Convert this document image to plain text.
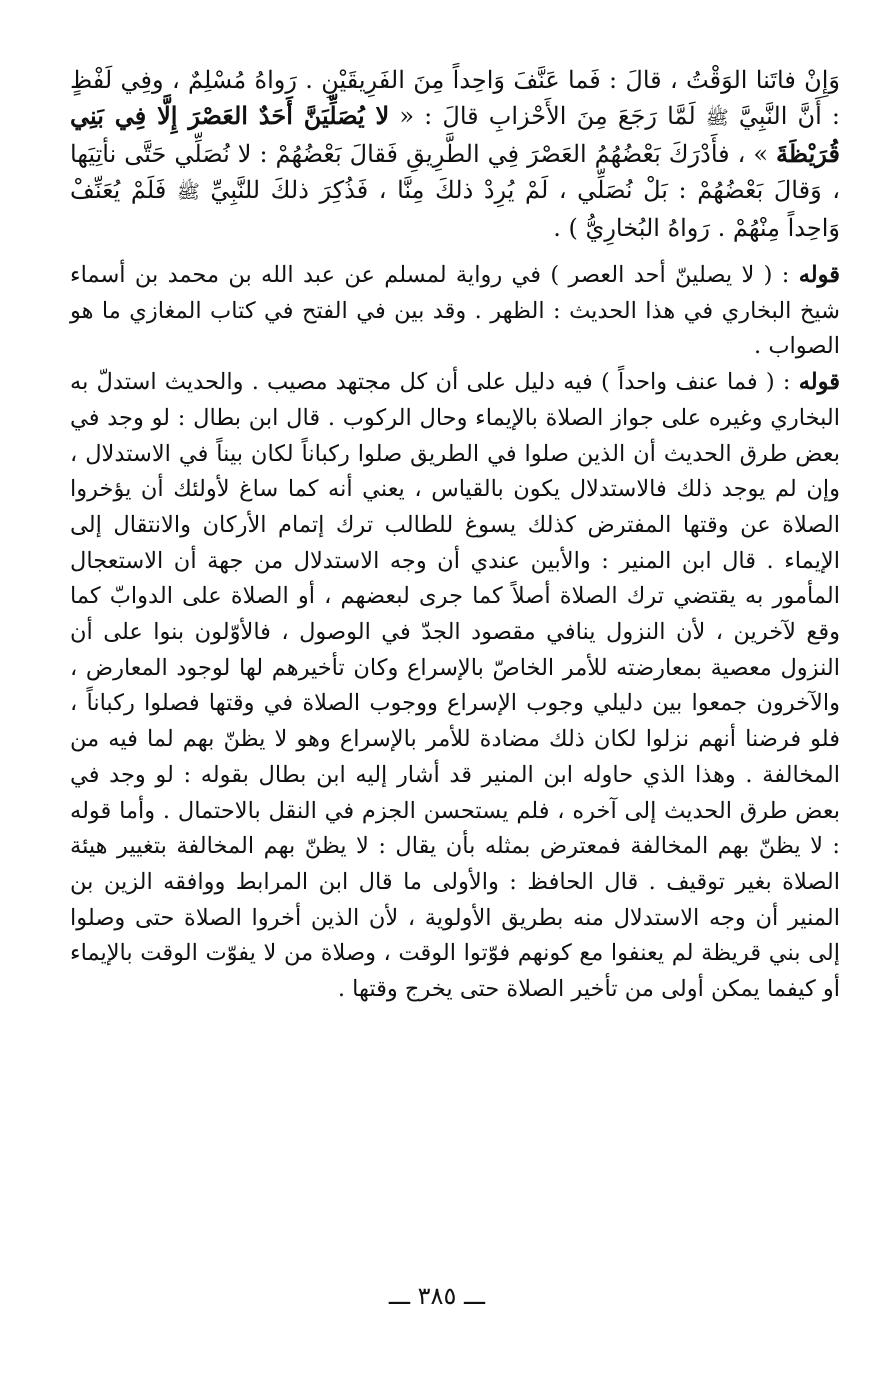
وَإِنْ فاتَنا الوَقْتُ ، قالَ : فَما عَنَّفَ وَاحِداً مِنَ الفَرِيقَيْنِ . رَواهُ مُسْلِمٌ ، وفِي لَفْظٍ : أَنَّ النَّبِيَّ ﷺ لَمَّا رَجَعَ مِنَ الأَحْزابِ قالَ : « لا يُصَلِّيَنَّ أَحَدٌ العَصْرَ إِلَّا فِي بَنِي قُرَيْظَةَ » ، فأَدْرَكَ بَعْضُهُمُ العَصْرَ فِي الطَّرِيقِ فَقالَ بَعْضُهُمْ : لا نُصَلِّي حَتَّى نأتِيَها ، وَقالَ بَعْضُهُمْ : بَلْ نُصَلِّي ، لَمْ يُرِدْ ذلكَ مِنَّا ، فَذُكِرَ ذلكَ للنَّبِيِّ ﷺ فَلَمْ يُعَنِّفْ وَاحِداً مِنْهُمْ . رَواهُ البُخارِيُّ ) .

قوله : ( لا يصلينّ أحد العصر ) في رواية لمسلم عن عبد الله بن محمد بن أسماء شيخ البخاري في هذا الحديث : الظهر . وقد بين في الفتح في كتاب المغازي ما هو الصواب .

قوله : ( فما عنف واحداً ) فيه دليل على أن كل مجتهد مصيب . والحديث استدلّ به البخاري وغيره على جواز الصلاة بالإيماء وحال الركوب . قال ابن بطال : لو وجد في بعض طرق الحديث أن الذين صلوا في الطريق صلوا ركباناً لكان بيناً في الاستدلال ، وإن لم يوجد ذلك فالاستدلال يكون بالقياس ، يعني أنه كما ساغ لأولئك أن يؤخروا الصلاة عن وقتها المفترض كذلك يسوغ للطالب ترك إتمام الأركان والانتقال إلى الإيماء . قال ابن المنير : والأبين عندي أن وجه الاستدلال من جهة أن الاستعجال المأمور به يقتضي ترك الصلاة أصلاً كما جرى لبعضهم ، أو الصلاة على الدوابّ كما وقع لآخرين ، لأن النزول ينافي مقصود الجدّ في الوصول ، فالأوّلون بنوا على أن النزول معصية بمعارضته للأمر الخاصّ بالإسراع وكان تأخيرهم لها لوجود المعارض ، والآخرون جمعوا بين دليلي وجوب الإسراع ووجوب الصلاة في وقتها فصلوا ركباناً ، فلو فرضنا أنهم نزلوا لكان ذلك مضادة للأمر بالإسراع وهو لا يظنّ بهم لما فيه من المخالفة . وهذا الذي حاوله ابن المنير قد أشار إليه ابن بطال بقوله : لو وجد في بعض طرق الحديث إلى آخره ، فلم يستحسن الجزم في النقل بالاحتمال . وأما قوله : لا يظنّ بهم المخالفة فمعترض بمثله بأن يقال : لا يظنّ بهم المخالفة بتغيير هيئة الصلاة بغير توقيف . قال الحافظ : والأولى ما قال ابن المرابط ووافقه الزين بن المنير أن وجه الاستدلال منه بطريق الأولوية ، لأن الذين أخروا الصلاة حتى وصلوا إلى بني قريظة لم يعنفوا مع كونهم فوّتوا الوقت ، وصلاة من لا يفوّت الوقت بالإيماء أو كيفما يمكن أولى من تأخير الصلاة حتى يخرج وقتها .

ـــ ٣٨٥ ـــ
